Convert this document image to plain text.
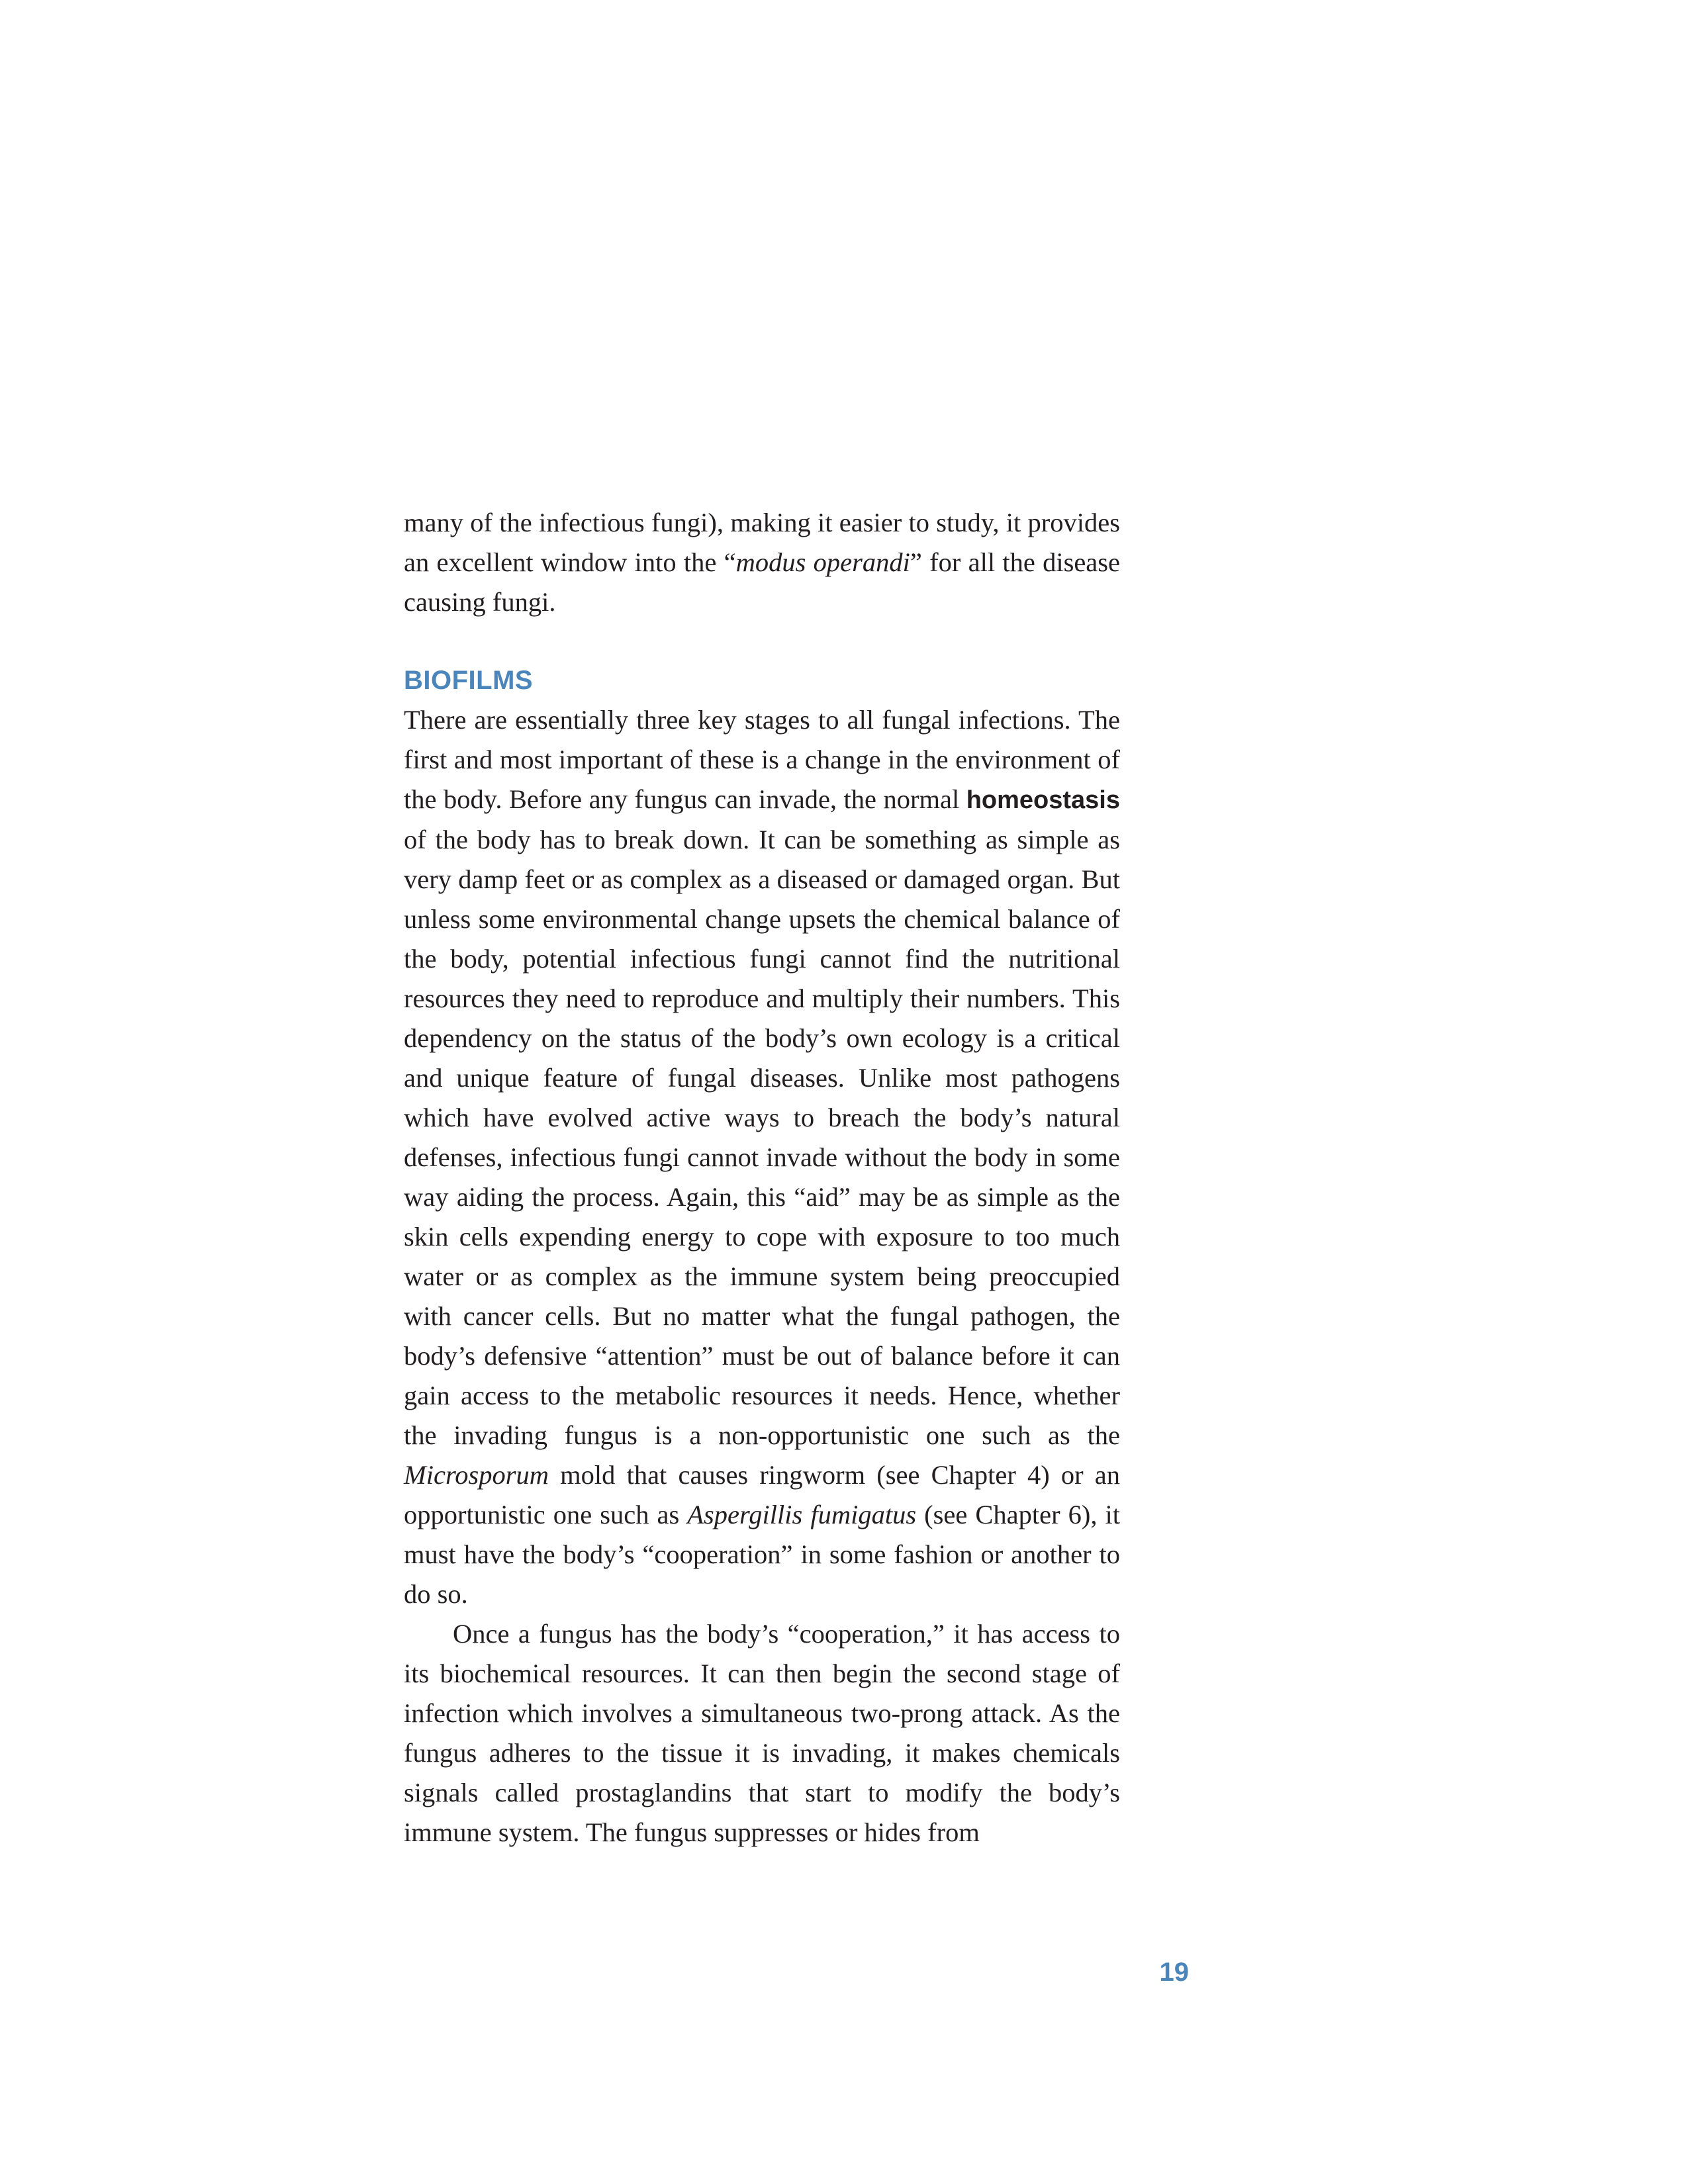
many of the infectious fungi), making it easier to study, it provides an excellent window into the “modus operandi” for all the disease causing fungi.

BIOFILMS

There are essentially three key stages to all fungal infections. The first and most important of these is a change in the environment of the body. Before any fungus can invade, the normal homeostasis of the body has to break down. It can be something as simple as very damp feet or as complex as a diseased or damaged organ. But unless some environmental change upsets the chemical balance of the body, potential infectious fungi cannot find the nutritional resources they need to reproduce and multiply their numbers. This dependency on the status of the body’s own ecology is a critical and unique feature of fungal diseases. Unlike most pathogens which have evolved active ways to breach the body’s natural defenses, infectious fungi cannot invade without the body in some way aiding the process. Again, this “aid” may be as simple as the skin cells expending energy to cope with exposure to too much water or as complex as the immune system being preoccupied with cancer cells. But no matter what the fungal pathogen, the body’s defensive “attention” must be out of balance before it can gain access to the metabolic resources it needs. Hence, whether the invading fungus is a non-opportunistic one such as the Microsporum mold that causes ringworm (see Chapter 4) or an opportunistic one such as Aspergillis fumigatus (see Chapter 6), it must have the body’s “cooperation” in some fashion or another to do so.

Once a fungus has the body’s “cooperation,” it has access to its biochemical resources. It can then begin the second stage of infection which involves a simultaneous two-prong attack. As the fungus adheres to the tissue it is invading, it makes chemicals signals called prostaglandins that start to modify the body’s immune system. The fungus suppresses or hides from

19
